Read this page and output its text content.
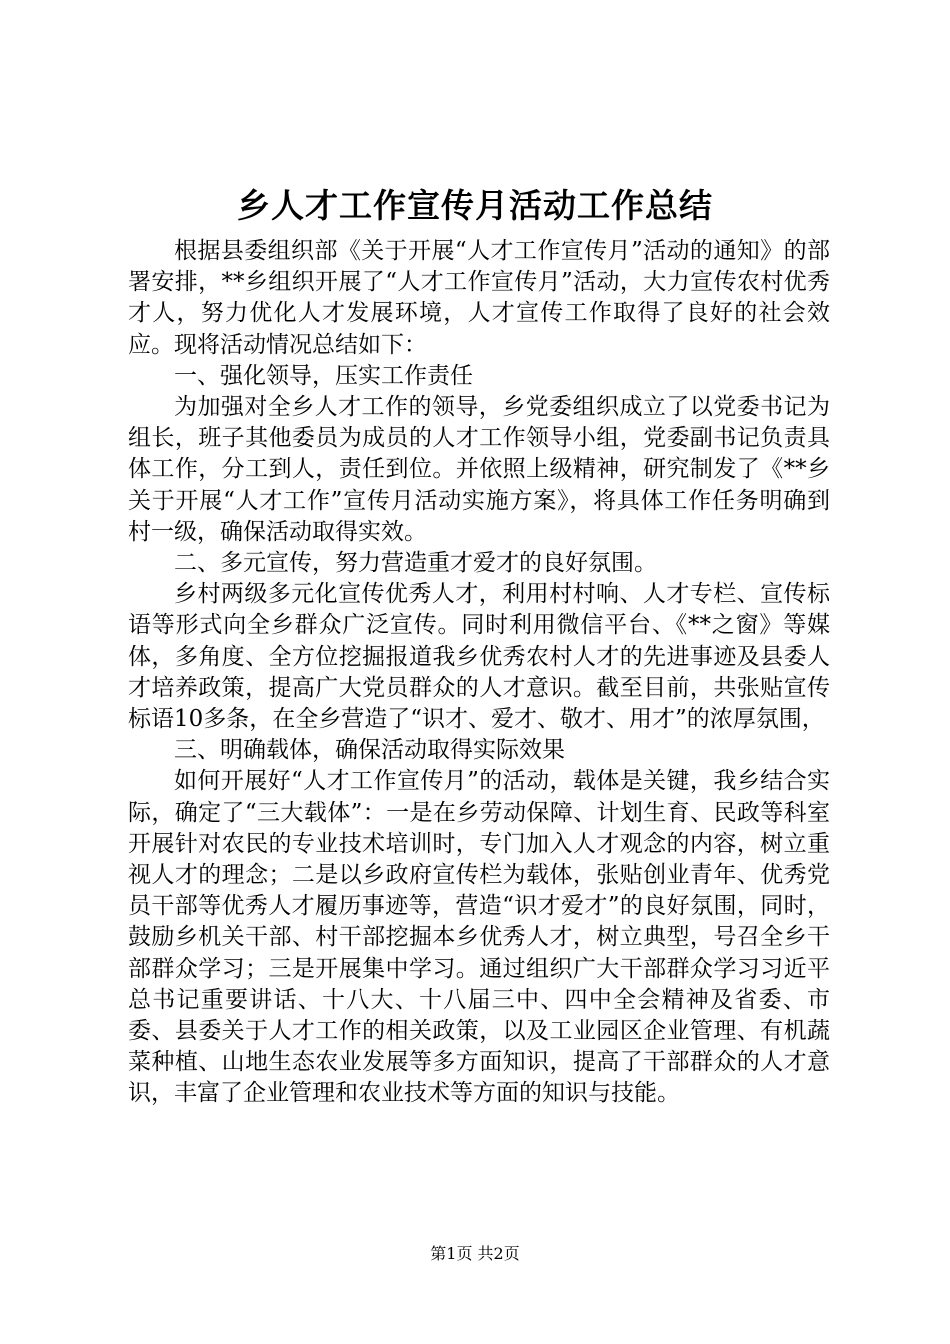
乡人才工作宣传月活动工作总结

根据县委组织部《关于开展“人才工作宣传月”活动的通知》的部署安排，**乡组织开展了“人才工作宣传月”活动，大力宣传农村优秀才人，努力优化人才发展环境，人才宣传工作取得了良好的社会效应。现将活动情况总结如下：

一、强化领导，压实工作责任

为加强对全乡人才工作的领导，乡党委组织成立了以党委书记为组长，班子其他委员为成员的人才工作领导小组，党委副书记负责具体工作，分工到人，责任到位。并依照上级精神，研究制发了《**乡关于开展“人才工作”宣传月活动实施方案》，将具体工作任务明确到村一级，确保活动取得实效。

二、多元宣传，努力营造重才爱才的良好氛围。

乡村两级多元化宣传优秀人才，利用村村响、人才专栏、宣传标语等形式向全乡群众广泛宣传。同时利用微信平台、《**之窗》等媒体，多角度、全方位挖掘报道我乡优秀农村人才的先进事迹及县委人才培养政策，提高广大党员群众的人才意识。截至目前，共张贴宣传标语10多条，在全乡营造了“识才、爱才、敬才、用才”的浓厚氛围，

三、明确载体，确保活动取得实际效果

如何开展好“人才工作宣传月”的活动，载体是关键，我乡结合实际，确定了“三大载体”：一是在乡劳动保障、计划生育、民政等科室开展针对农民的专业技术培训时，专门加入人才观念的内容，树立重视人才的理念；二是以乡政府宣传栏为载体，张贴创业青年、优秀党员干部等优秀人才履历事迹等，营造“识才爱才”的良好氛围，同时，鼓励乡机关干部、村干部挖掘本乡优秀人才，树立典型，号召全乡干部群众学习；三是开展集中学习。通过组织广大干部群众学习习近平总书记重要讲话、十八大、十八届三中、四中全会精神及省委、市委、县委关于人才工作的相关政策，以及工业园区企业管理、有机蔬菜种植、山地生态农业发展等多方面知识，提高了干部群众的人才意识，丰富了企业管理和农业技术等方面的知识与技能。

第1页 共2页
